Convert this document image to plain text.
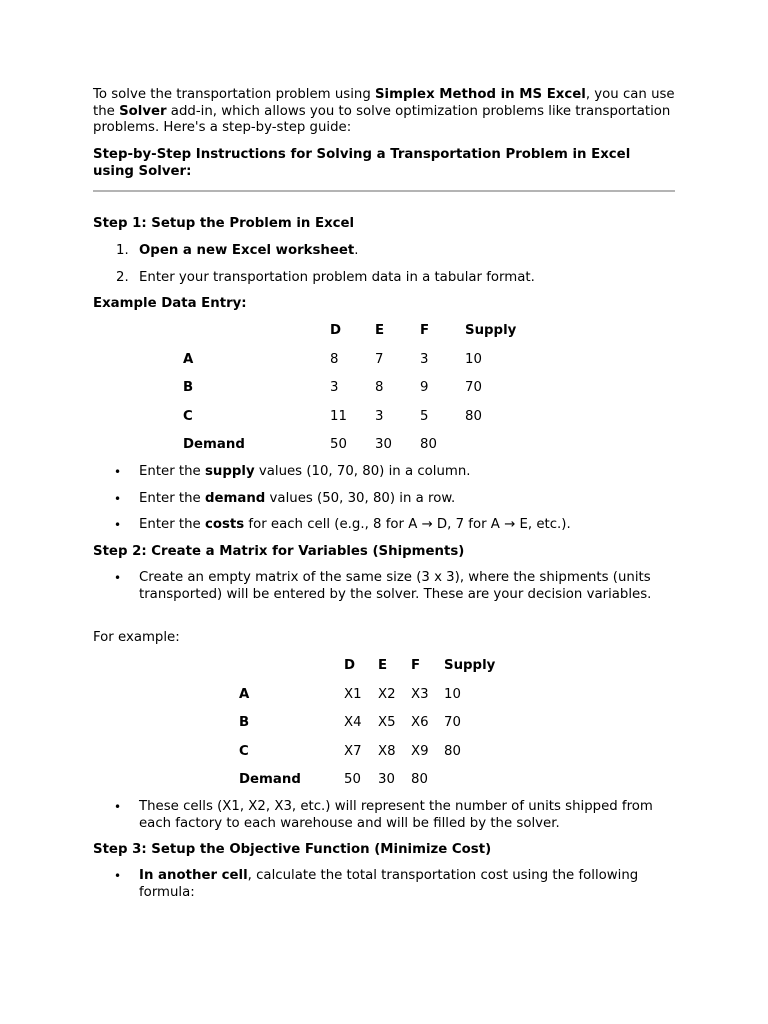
To solve the transportation problem using Simplex Method in MS Excel, you can use the Solver add-in, which allows you to solve optimization problems like transportation problems. Here's a step-by-step guide:
Step-by-Step Instructions for Solving a Transportation Problem in Excel using Solver:
Step 1: Setup the Problem in Excel
1. Open a new Excel worksheet.
2. Enter your transportation problem data in a tabular format.
Example Data Entry:
	D	E	F	Supply
A	8	7	3	10
B	3	8	9	70
C	11	3	5	80
Demand	50	30	80	
• Enter the supply values (10, 70, 80) in a column.
• Enter the demand values (50, 30, 80) in a row.
• Enter the costs for each cell (e.g., 8 for A → D, 7 for A → E, etc.).
Step 2: Create a Matrix for Variables (Shipments)
• Create an empty matrix of the same size (3 x 3), where the shipments (units transported) will be entered by the solver. These are your decision variables.
For example:
	D	E	F	Supply
A	X1	X2	X3	10
B	X4	X5	X6	70
C	X7	X8	X9	80
Demand	50	30	80	
• These cells (X1, X2, X3, etc.) will represent the number of units shipped from each factory to each warehouse and will be filled by the solver.
Step 3: Setup the Objective Function (Minimize Cost)
• In another cell, calculate the total transportation cost using the following formula:
